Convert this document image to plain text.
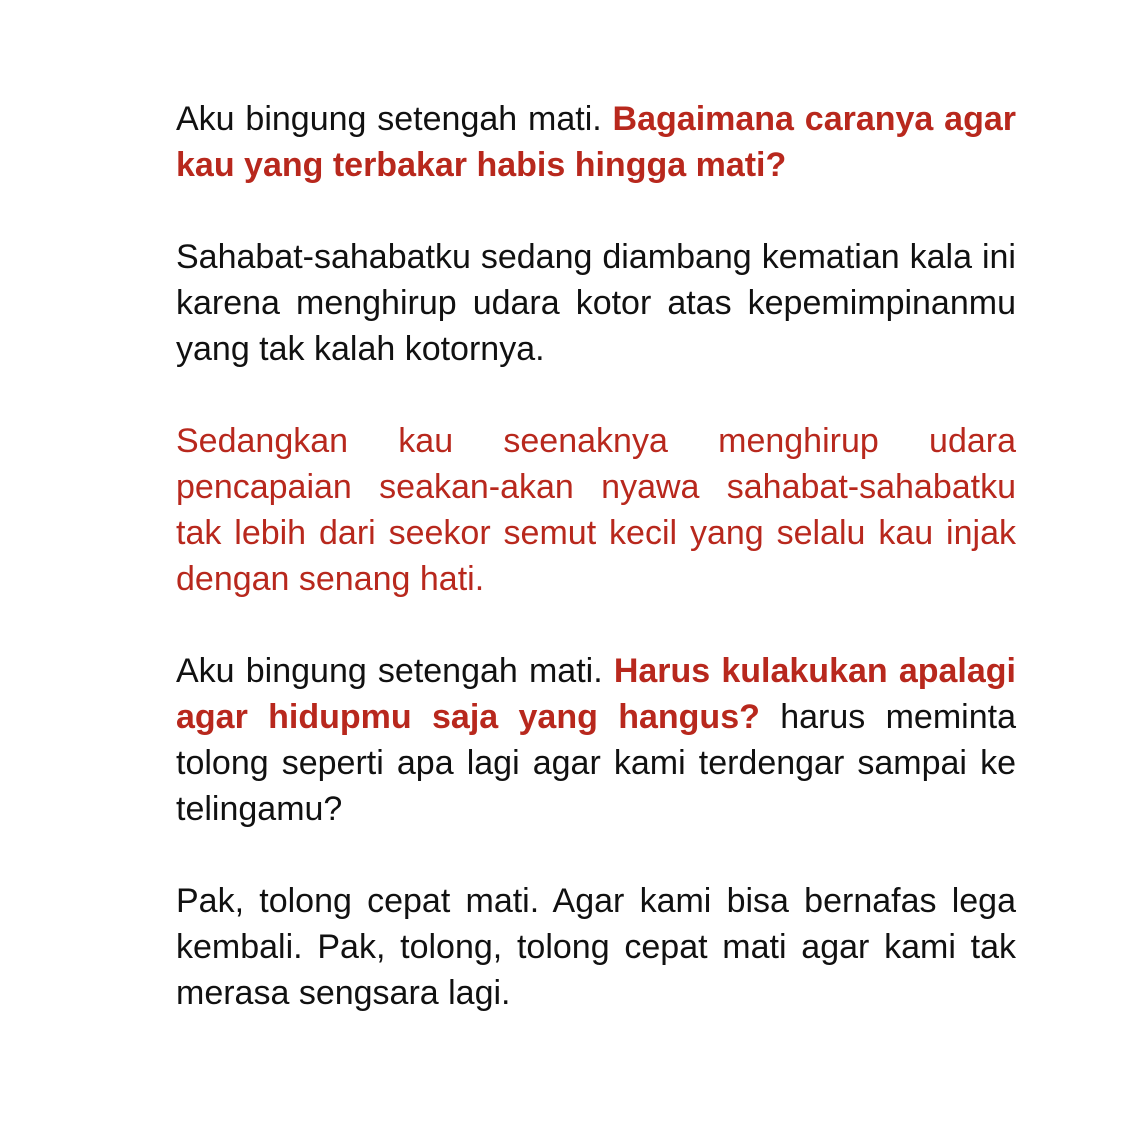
Aku bingung setengah mati. Bagaimana caranya agar kau yang terbakar habis hingga mati?

Sahabat-sahabatku sedang diambang kematian kala ini karena menghirup udara kotor atas kepemimpinanmu yang tak kalah kotornya.

Sedangkan kau seenaknya menghirup udara pencapaian seakan-akan nyawa sahabat-sahabatku tak lebih dari seekor semut kecil yang selalu kau injak dengan senang hati.

Aku bingung setengah mati. Harus kulakukan apalagi agar hidupmu saja yang hangus? harus meminta tolong seperti apa lagi agar kami terdengar sampai ke telingamu?

Pak, tolong cepat mati. Agar kami bisa bernafas lega kembali. Pak, tolong, tolong cepat mati agar kami tak merasa sengsara lagi.
